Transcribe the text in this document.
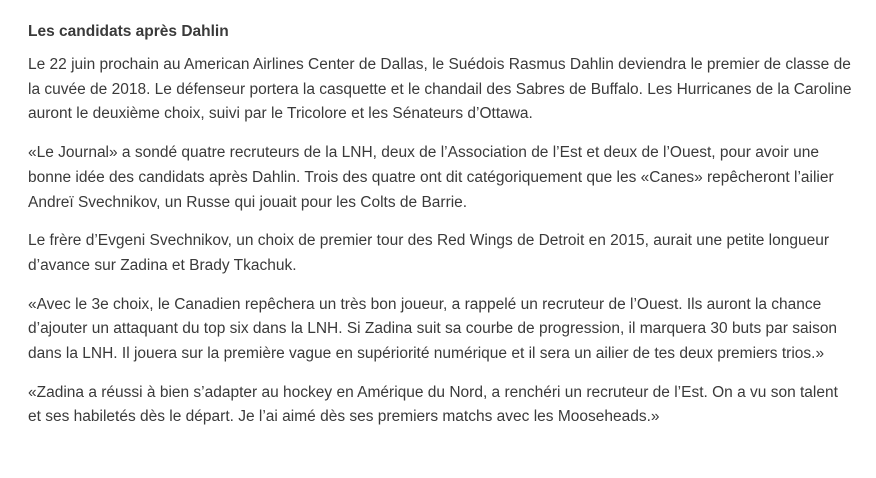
Les candidats après Dahlin

Le 22 juin prochain au American Airlines Center de Dallas, le Suédois Rasmus Dahlin deviendra le premier de classe de la cuvée de 2018. Le défenseur portera la casquette et le chandail des Sabres de Buffalo. Les Hurricanes de la Caroline auront le deuxième choix, suivi par le Tricolore et les Sénateurs d’Ottawa.

«Le Journal» a sondé quatre recruteurs de la LNH, deux de l’Association de l’Est et deux de l’Ouest, pour avoir une bonne idée des candidats après Dahlin. Trois des quatre ont dit catégoriquement que les «Canes» repêcheront l’ailier Andreï Svechnikov, un Russe qui jouait pour les Colts de Barrie.

Le frère d’Evgeni Svechnikov, un choix de premier tour des Red Wings de Detroit en 2015, aurait une petite longueur d’avance sur Zadina et Brady Tkachuk.

«Avec le 3e choix, le Canadien repêchera un très bon joueur, a rappelé un recruteur de l’Ouest. Ils auront la chance d’ajouter un attaquant du top six dans la LNH. Si Zadina suit sa courbe de progression, il marquera 30 buts par saison dans la LNH. Il jouera sur la première vague en supériorité numérique et il sera un ailier de tes deux premiers trios.»

«Zadina a réussi à bien s’adapter au hockey en Amérique du Nord, a renchéri un recruteur de l’Est. On a vu son talent et ses habiletés dès le départ. Je l’ai aimé dès ses premiers matchs avec les Mooseheads.»
